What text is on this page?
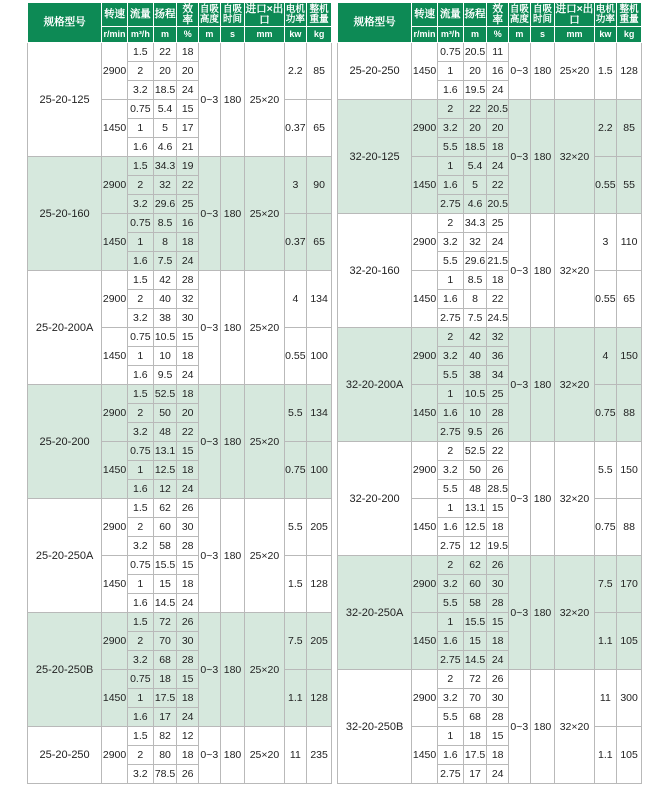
规格型号	转速	流量	扬程	效率	自吸
高度	自吸
时间	进口×出口	电机
功率	整机
重量
	r/min	m³/h	m	%	m	s	mm	kw	kg
25-20-125	2900	1.5	22	18	0~3	180	25×20	2.2	85
		2	20	20					
		3.2	18.5	24					
	1450	0.75	5.4	15				0.37	65
		1	5	17					
		1.6	4.6	21					
25-20-160	2900	1.5	34.3	19	0~3	180	25×20	3	90
		2	32	22					
		3.2	29.6	25					
	1450	0.75	8.5	16				0.37	65
		1	8	18					
		1.6	7.5	24					
25-20-200A	2900	1.5	42	28	0~3	180	25×20	4	134
		2	40	32					
		3.2	38	30					
	1450	0.75	10.5	15				0.55	100
		1	10	18					
		1.6	9.5	24					
25-20-200	2900	1.5	52.5	18	0~3	180	25×20	5.5	134
		2	50	20					
		3.2	48	22					
	1450	0.75	13.1	15				0.75	100
		1	12.5	18					
		1.6	12	24					
25-20-250A	2900	1.5	62	26	0~3	180	25×20	5.5	205
		2	60	30					
		3.2	58	28					
	1450	0.75	15.5	15				1.5	128
		1	15	18					
		1.6	14.5	24					
25-20-250B	2900	1.5	72	26	0~3	180	25×20	7.5	205
		2	70	30					
		3.2	68	28					
	1450	0.75	18	15				1.1	128
		1	17.5	18					
		1.6	17	24					
25-20-250	2900	1.5	82	12	0~3	180	25×20	11	235
		2	80	18					
		3.2	78.5	26					
规格型号	转速	流量	扬程	效率	自吸
高度	自吸
时间	进口×出口	电机
功率	整机
重量
	r/min	m³/h	m	%	m	s	mm	kw	kg
25-20-250	1450	0.75	20.5	11	0~3	180	25×20	1.5	128
		1	20	16					
		1.6	19.5	24					
32-20-125	2900	2	22	20.5	0~3	180	32×20	2.2	85
		3.2	20	20					
		5.5	18.5	18					
	1450	1	5.4	24				0.55	55
		1.6	5	22					
		2.75	4.6	20.5					
32-20-160	2900	2	34.3	25	0~3	180	32×20	3	110
		3.2	32	24					
		5.5	29.6	21.5					
	1450	1	8.5	18				0.55	65
		1.6	8	22					
		2.75	7.5	24.5					
32-20-200A	2900	2	42	32	0~3	180	32×20	4	150
		3.2	40	36					
		5.5	38	34					
	1450	1	10.5	25				0.75	88
		1.6	10	28					
		2.75	9.5	26					
32-20-200	2900	2	52.5	22	0~3	180	32×20	5.5	150
		3.2	50	26					
		5.5	48	28.5					
	1450	1	13.1	15				0.75	88
		1.6	12.5	18					
		2.75	12	19.5					
32-20-250A	2900	2	62	26	0~3	180	32×20	7.5	170
		3.2	60	30					
		5.5	58	28					
	1450	1	15.5	15				1.1	105
		1.6	15	18					
		2.75	14.5	24					
32-20-250B	2900	2	72	26	0~3	180	32×20	11	300
		3.2	70	30					
		5.5	68	28					
	1450	1	18	15				1.1	105
		1.6	17.5	18					
		2.75	17	24					
